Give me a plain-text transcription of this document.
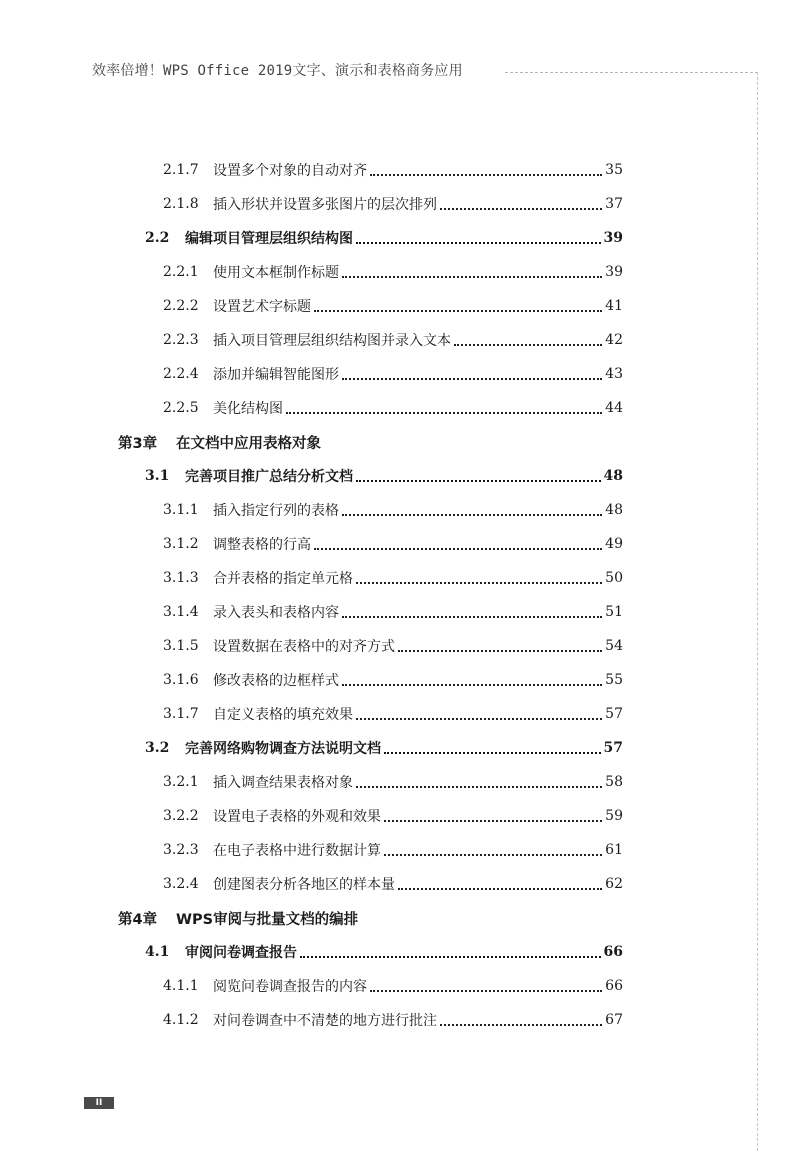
效率倍增！WPS Office 2019文字、演示和表格商务应用
2.1.7	设置多个对象的自动对齐	35
2.1.8	插入形状并设置多张图片的层次排列	37
2.2	编辑项目管理层组织结构图	39
2.2.1	使用文本框制作标题	39
2.2.2	设置艺术字标题	41
2.2.3	插入项目管理层组织结构图并录入文本	42
2.2.4	添加并编辑智能图形	43
2.2.5	美化结构图	44
第3章	在文档中应用表格对象
3.1	完善项目推广总结分析文档	48
3.1.1	插入指定行列的表格	48
3.1.2	调整表格的行高	49
3.1.3	合并表格的指定单元格	50
3.1.4	录入表头和表格内容	51
3.1.5	设置数据在表格中的对齐方式	54
3.1.6	修改表格的边框样式	55
3.1.7	自定义表格的填充效果	57
3.2	完善网络购物调查方法说明文档	57
3.2.1	插入调查结果表格对象	58
3.2.2	设置电子表格的外观和效果	59
3.2.3	在电子表格中进行数据计算	61
3.2.4	创建图表分析各地区的样本量	62
第4章	WPS审阅与批量文档的编排
4.1	审阅问卷调查报告	66
4.1.1	阅览问卷调查报告的内容	66
4.1.2	对问卷调查中不清楚的地方进行批注	67
II
